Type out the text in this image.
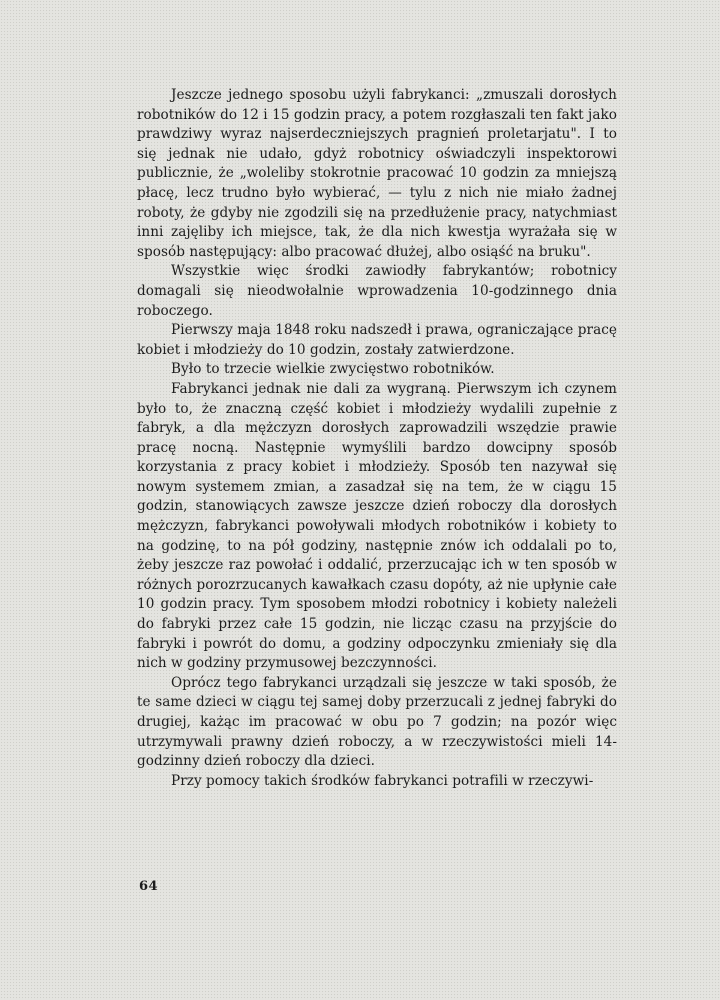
Jeszcze jednego sposobu użyli fabrykanci: „zmuszali dorosłych robotników do 12 i 15 godzin pracy, a potem rozgłaszali ten fakt jako prawdziwy wyraz najserdeczniejszych pragnień proletarjatu". I to się jednak nie udało, gdyż robotnicy oświadczyli inspektorowi publicznie, że „woleliby stokrotnie pracować 10 godzin za mniejszą płacę, lecz trudno było wybierać, — tylu z nich nie miało żadnej roboty, że gdyby nie zgodzili się na przedłużenie pracy, natychmiast inni zajęliby ich miejsce, tak, że dla nich kwestja wyrażała się w sposób następujący: albo pracować dłużej, albo osiąść na bruku".

Wszystkie więc środki zawiodły fabrykantów; robotnicy domagali się nieodwołalnie wprowadzenia 10-godzinnego dnia roboczego.

Pierwszy maja 1848 roku nadszedł i prawa, ograniczające pracę kobiet i młodzieży do 10 godzin, zostały zatwierdzone.

Było to trzecie wielkie zwycięstwo robotników.

Fabrykanci jednak nie dali za wygraną. Pierwszym ich czynem było to, że znaczną część kobiet i młodzieży wydalili zupełnie z fabryk, a dla mężczyzn dorosłych zaprowadzili wszędzie prawie pracę nocną. Następnie wymyślili bardzo dowcipny sposób korzystania z pracy kobiet i młodzieży. Sposób ten nazywał się nowym systemem zmian, a zasadzał się na tem, że w ciągu 15 godzin, stanowiących zawsze jeszcze dzień roboczy dla dorosłych mężczyzn, fabrykanci powoływali młodych robotników i kobiety to na godzinę, to na pół godziny, następnie znów ich oddalali po to, żeby jeszcze raz powołać i oddalić, przerzucając ich w ten sposób w różnych porozrzucanych kawałkach czasu dopóty, aż nie upłynie całe 10 godzin pracy. Tym sposobem młodzi robotnicy i kobiety należeli do fabryki przez całe 15 godzin, nie licząc czasu na przyjście do fabryki i powrót do domu, a godziny odpoczynku zmieniały się dla nich w godziny przymusowej bezczynności.

Oprócz tego fabrykanci urządzali się jeszcze w taki sposób, że te same dzieci w ciągu tej samej doby przerzucali z jednej fabryki do drugiej, każąc im pracować w obu po 7 godzin; na pozór więc utrzymywali prawny dzień roboczy, a w rzeczywistości mieli 14-godzinny dzień roboczy dla dzieci.

Przy pomocy takich środków fabrykanci potrafili w rzeczywi-

64
